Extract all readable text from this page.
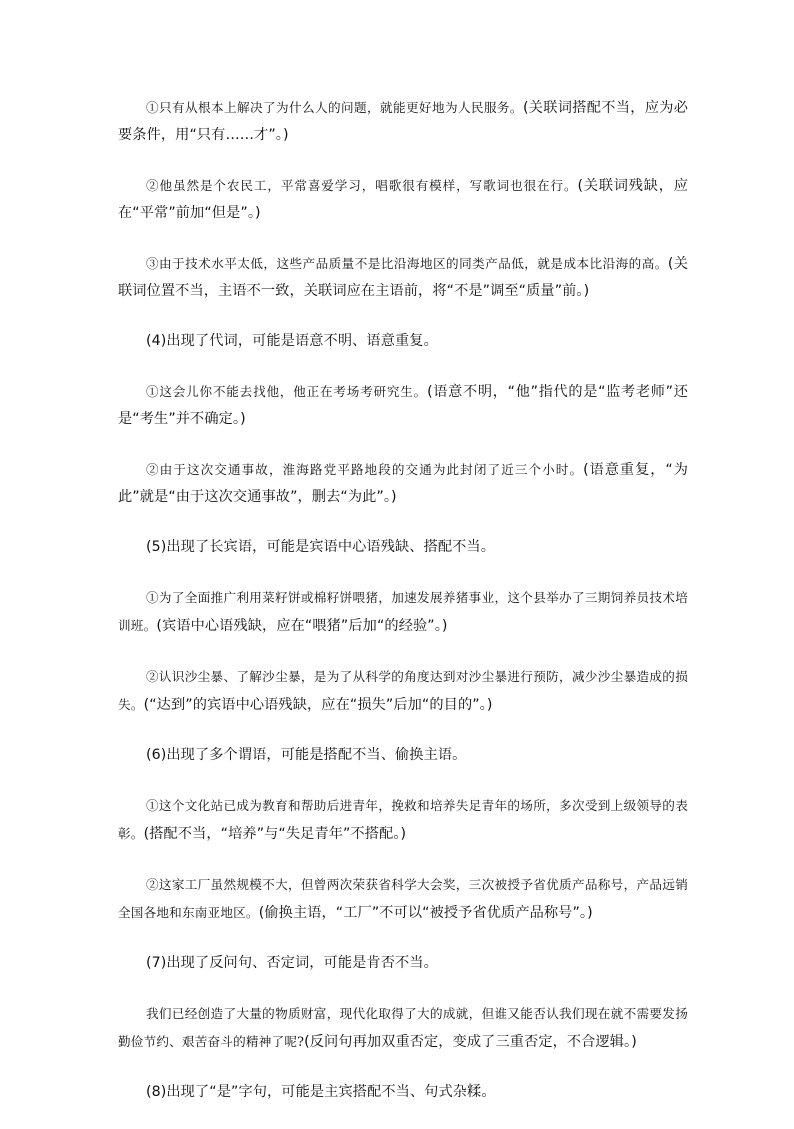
①只有从根本上解决了为什么人的问题，就能更好地为人民服务。(关联词搭配不当，应为必要条件，用“只有……才”。)

②他虽然是个农民工，平常喜爱学习，唱歌很有模样，写歌词也很在行。(关联词残缺，应在“平常”前加“但是”。)

③由于技术水平太低，这些产品质量不是比沿海地区的同类产品低，就是成本比沿海的高。(关联词位置不当，主语不一致，关联词应在主语前，将“不是”调至“质量”前。)

(4)出现了代词，可能是语意不明、语意重复。

①这会儿你不能去找他，他正在考场考研究生。(语意不明，“他”指代的是“监考老师”还是“考生”并不确定。)

②由于这次交通事故，淮海路党平路地段的交通为此封闭了近三个小时。(语意重复，“为此”就是“由于这次交通事故”，删去“为此”。)

(5)出现了长宾语，可能是宾语中心语残缺、搭配不当。

①为了全面推广利用菜籽饼或棉籽饼喂猪，加速发展养猪事业，这个县举办了三期饲养员技术培训班。(宾语中心语残缺，应在“喂猪”后加“的经验”。)

②认识沙尘暴、了解沙尘暴，是为了从科学的角度达到对沙尘暴进行预防，减少沙尘暴造成的损失。(“达到”的宾语中心语残缺，应在“损失”后加“的目的”。)

(6)出现了多个谓语，可能是搭配不当、偷换主语。

①这个文化站已成为教育和帮助后进青年，挽救和培养失足青年的场所，多次受到上级领导的表彰。(搭配不当，“培养”与“失足青年”不搭配。)

②这家工厂虽然规模不大，但曾两次荣获省科学大会奖，三次被授予省优质产品称号，产品远销全国各地和东南亚地区。(偷换主语，“工厂”不可以“被授予省优质产品称号”。)

(7)出现了反问句、否定词，可能是肯否不当。

我们已经创造了大量的物质财富，现代化取得了大的成就，但谁又能否认我们现在就不需要发扬勤俭节约、艰苦奋斗的精神了呢?(反问句再加双重否定，变成了三重否定，不合逻辑。)

(8)出现了“是”字句，可能是主宾搭配不当、句式杂糅。
